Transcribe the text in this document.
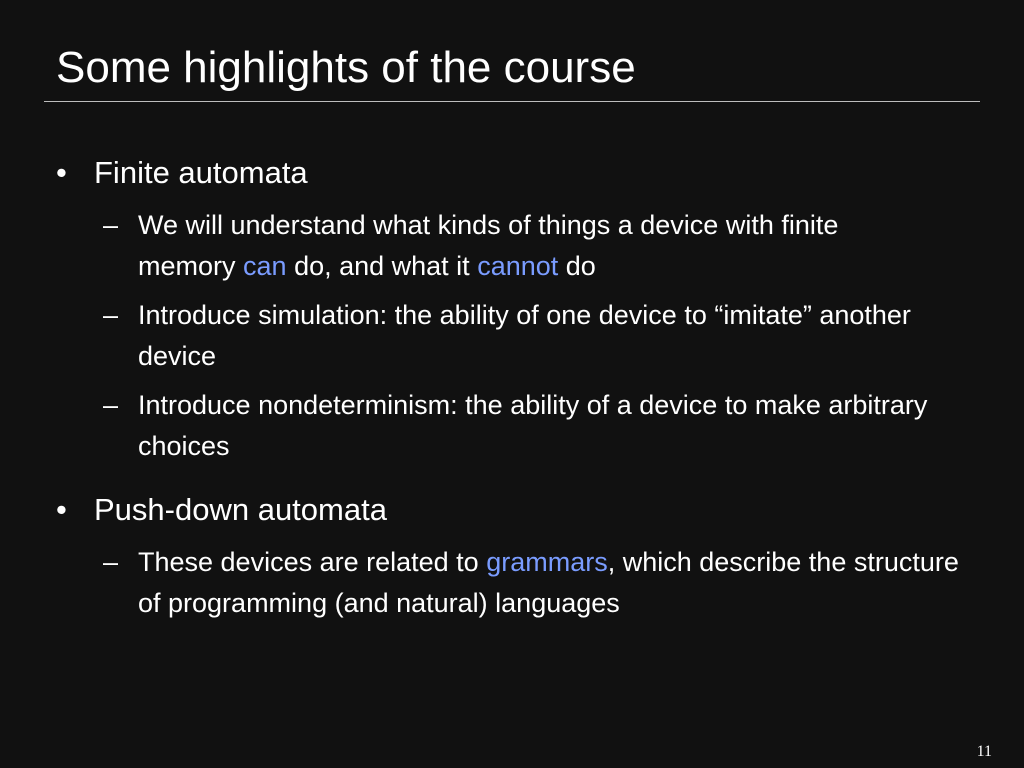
Some highlights of the course
• Finite automata
– We will understand what kinds of things a device with finite
memory can do, and what it cannot do
– Introduce simulation: the ability of one device to “imitate” another device
– Introduce nondeterminism: the ability of a device to make arbitrary choices
• Push-down automata
– These devices are related to grammars, which describe the structure of programming (and natural) languages
11
